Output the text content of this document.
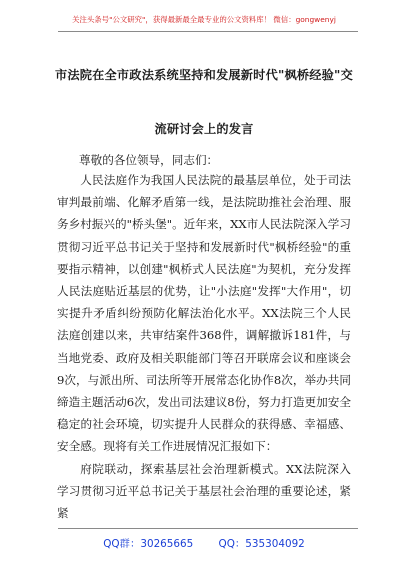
关注头条号"公文研究"，获得最新最全最专业的公文资料库！ 微信：gongwenyj
市法院在全市政法系统坚持和发展新时代"枫桥经验"交
流研讨会上的发言
尊敬的各位领导，同志们：

人民法庭作为我国人民法院的最基层单位，处于司法审判最前端、化解矛盾第一线，是法院助推社会治理、服务乡村振兴的"桥头堡"。近年来，XX市人民法院深入学习贯彻习近平总书记关于坚持和发展新时代"枫桥经验"的重要指示精神，以创建"枫桥式人民法庭"为契机，充分发挥人民法庭贴近基层的优势，让"小法庭"发挥"大作用"，切实提升矛盾纠纷预防化解法治化水平。XX法院三个人民法庭创建以来，共审结案件368件，调解撤诉181件，与当地党委、政府及相关职能部门等召开联席会议和座谈会9次，与派出所、司法所等开展常态化协作8次，举办共同缔造主题活动6次，发出司法建议8份，努力打造更加安全稳定的社会环境，切实提升人民群众的获得感、幸福感、安全感。现将有关工作进展情况汇报如下：

府院联动，探索基层社会治理新模式。XX法院深入学习贯彻习近平总书记关于基层社会治理的重要论述，紧紧

QQ群：30265665 QQ：535304092
